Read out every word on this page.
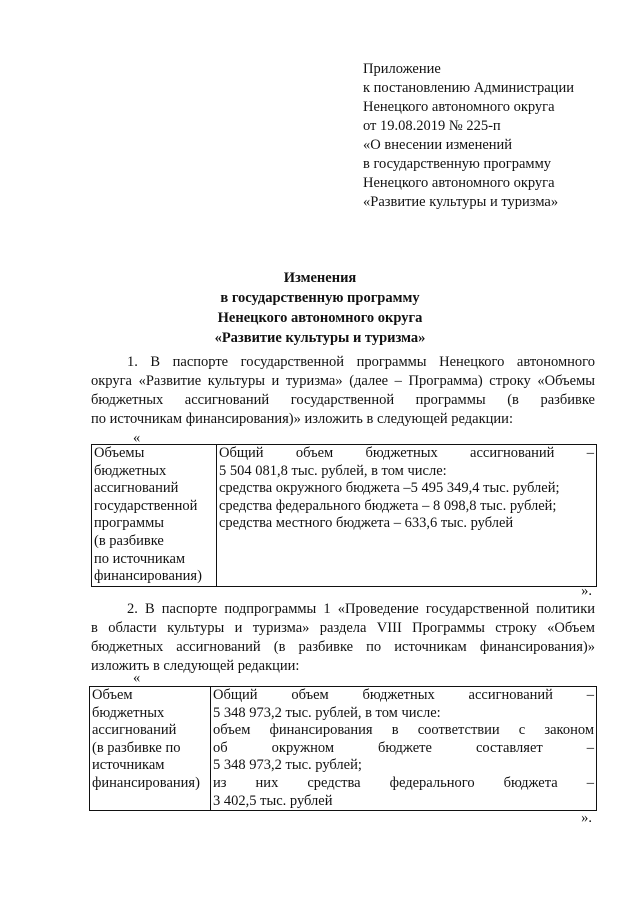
Приложение
к постановлению Администрации
Ненецкого автономного округа
от 19.08.2019 № 225-п
«О внесении изменений
в государственную программу
Ненецкого автономного округа
«Развитие культуры и туризма»
Изменения
в государственную программу
Ненецкого автономного округа
«Развитие культуры и туризма»
1. В паспорте государственной программы Ненецкого автономного
округа «Развитие культуры и туризма» (далее – Программа) строку «Объемы
бюджетных ассигнований государственной программы (в разбивке
по источникам финансирования)» изложить в следующей редакции:
«
Объемы
бюджетных
ассигнований
государственной
программы
(в разбивке
по источникам
финансирования)

Общий объем бюджетных ассигнований –
5 504 081,8 тыс. рублей, в том числе:
средства окружного бюджета –5 495 349,4 тыс. рублей;
средства федерального бюджета – 8 098,8 тыс. рублей;
средства местного бюджета – 633,6 тыс. рублей
».
2. В паспорте подпрограммы 1 «Проведение государственной политики
в области культуры и туризма» раздела VIII Программы строку «Объем
бюджетных ассигнований (в разбивке по источникам финансирования)»
изложить в следующей редакции:
«
Объем
бюджетных
ассигнований
(в разбивке по
источникам
финансирования)

Общий объем бюджетных ассигнований –
5 348 973,2 тыс. рублей, в том числе:
объем финансирования в соответствии с законом
об окружном бюджете составляет –
5 348 973,2 тыс. рублей;
из них средства федерального бюджета –
3 402,5 тыс. рублей
».
